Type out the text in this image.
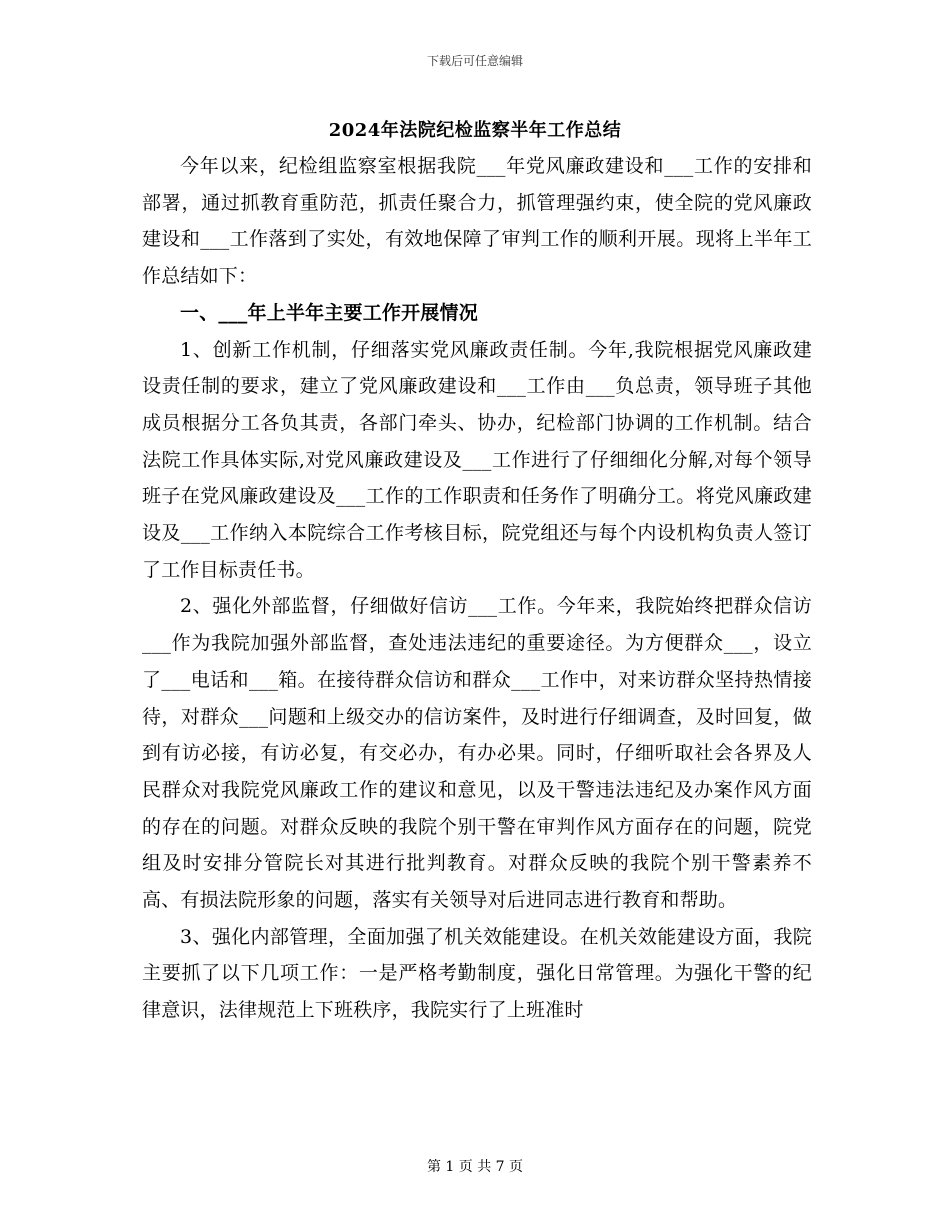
下载后可任意编辑
2024年法院纪检监察半年工作总结

今年以来，纪检组监察室根据我院___年党风廉政建设和___工作的安排和部署，通过抓教育重防范，抓责任聚合力，抓管理强约束，使全院的党风廉政建设和___工作落到了实处，有效地保障了审判工作的顺利开展。现将上半年工作总结如下：

一、___年上半年主要工作开展情况

1、创新工作机制，仔细落实党风廉政责任制。今年,我院根据党风廉政建设责任制的要求，建立了党风廉政建设和___工作由___负总责，领导班子其他成员根据分工各负其责，各部门牵头、协办，纪检部门协调的工作机制。结合法院工作具体实际,对党风廉政建设及___工作进行了仔细细化分解,对每个领导班子在党风廉政建设及___工作的工作职责和任务作了明确分工。将党风廉政建设及___工作纳入本院综合工作考核目标，院党组还与每个内设机构负责人签订了工作目标责任书。

2、强化外部监督，仔细做好信访___工作。今年来，我院始终把群众信访___作为我院加强外部监督，查处违法违纪的重要途径。为方便群众___，设立了___电话和___箱。在接待群众信访和群众___工作中，对来访群众坚持热情接待，对群众___问题和上级交办的信访案件，及时进行仔细调查，及时回复，做到有访必接，有访必复，有交必办，有办必果。同时，仔细听取社会各界及人民群众对我院党风廉政工作的建议和意见，以及干警违法违纪及办案作风方面的存在的问题。对群众反映的我院个别干警在审判作风方面存在的问题，院党组及时安排分管院长对其进行批判教育。对群众反映的我院个别干警素养不高、有损法院形象的问题，落实有关领导对后进同志进行教育和帮助。

3、强化内部管理，全面加强了机关效能建设。在机关效能建设方面，我院主要抓了以下几项工作：一是严格考勤制度，强化日常管理。为强化干警的纪律意识，法律规范上下班秩序，我院实行了上班准时

第 1 页 共 7 页
